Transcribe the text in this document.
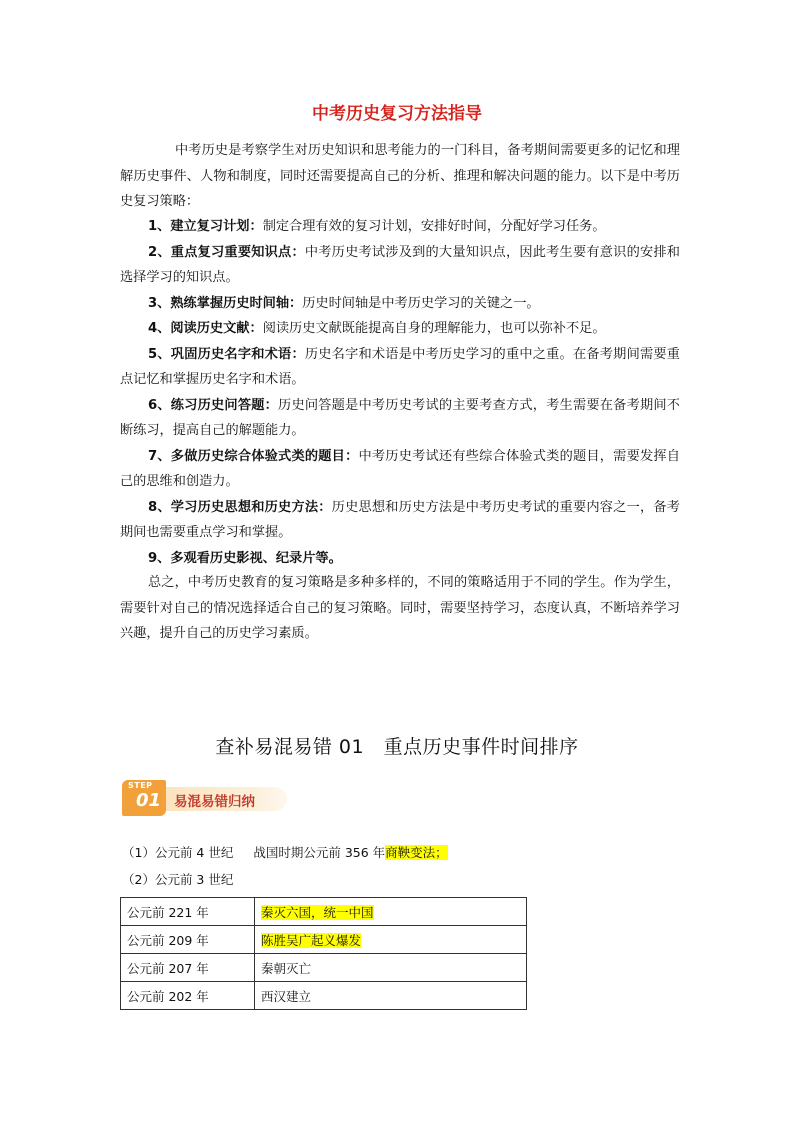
中考历史复习方法指导
中考历史是考察学生对历史知识和思考能力的一门科目，备考期间需要更多的记忆和理解历史事件、人物和制度，同时还需要提高自己的分析、推理和解决问题的能力。以下是中考历史复习策略：
1、建立复习计划：制定合理有效的复习计划，安排好时间，分配好学习任务。
2、重点复习重要知识点：中考历史考试涉及到的大量知识点，因此考生要有意识的安排和选择学习的知识点。
3、熟练掌握历史时间轴：历史时间轴是中考历史学习的关键之一。
4、阅读历史文献：阅读历史文献既能提高自身的理解能力，也可以弥补不足。
5、巩固历史名字和术语：历史名字和术语是中考历史学习的重中之重。在备考期间需要重点记忆和掌握历史名字和术语。
6、练习历史问答题：历史问答题是中考历史考试的主要考查方式，考生需要在备考期间不断练习，提高自己的解题能力。
7、多做历史综合体验式类的题目：中考历史考试还有些综合体验式类的题目，需要发挥自己的思维和创造力。
8、学习历史思想和历史方法：历史思想和历史方法是中考历史考试的重要内容之一，备考期间也需要重点学习和掌握。
9、多观看历史影视、纪录片等。
总之，中考历史教育的复习策略是多种多样的，不同的策略适用于不同的学生。作为学生，需要针对自己的情况选择适合自己的复习策略。同时，需要坚持学习，态度认真，不断培养学习兴趣，提升自己的历史学习素质。
查补易混易错 01　重点历史事件时间排序
STEP
01 易混易错归纳
（1）公元前 4 世纪 战国时期公元前 356 年商鞅变法；
（2）公元前 3 世纪
公元前 221 年	秦灭六国，统一中国
公元前 209 年	陈胜吴广起义爆发
公元前 207 年	秦朝灭亡
公元前 202 年	西汉建立
